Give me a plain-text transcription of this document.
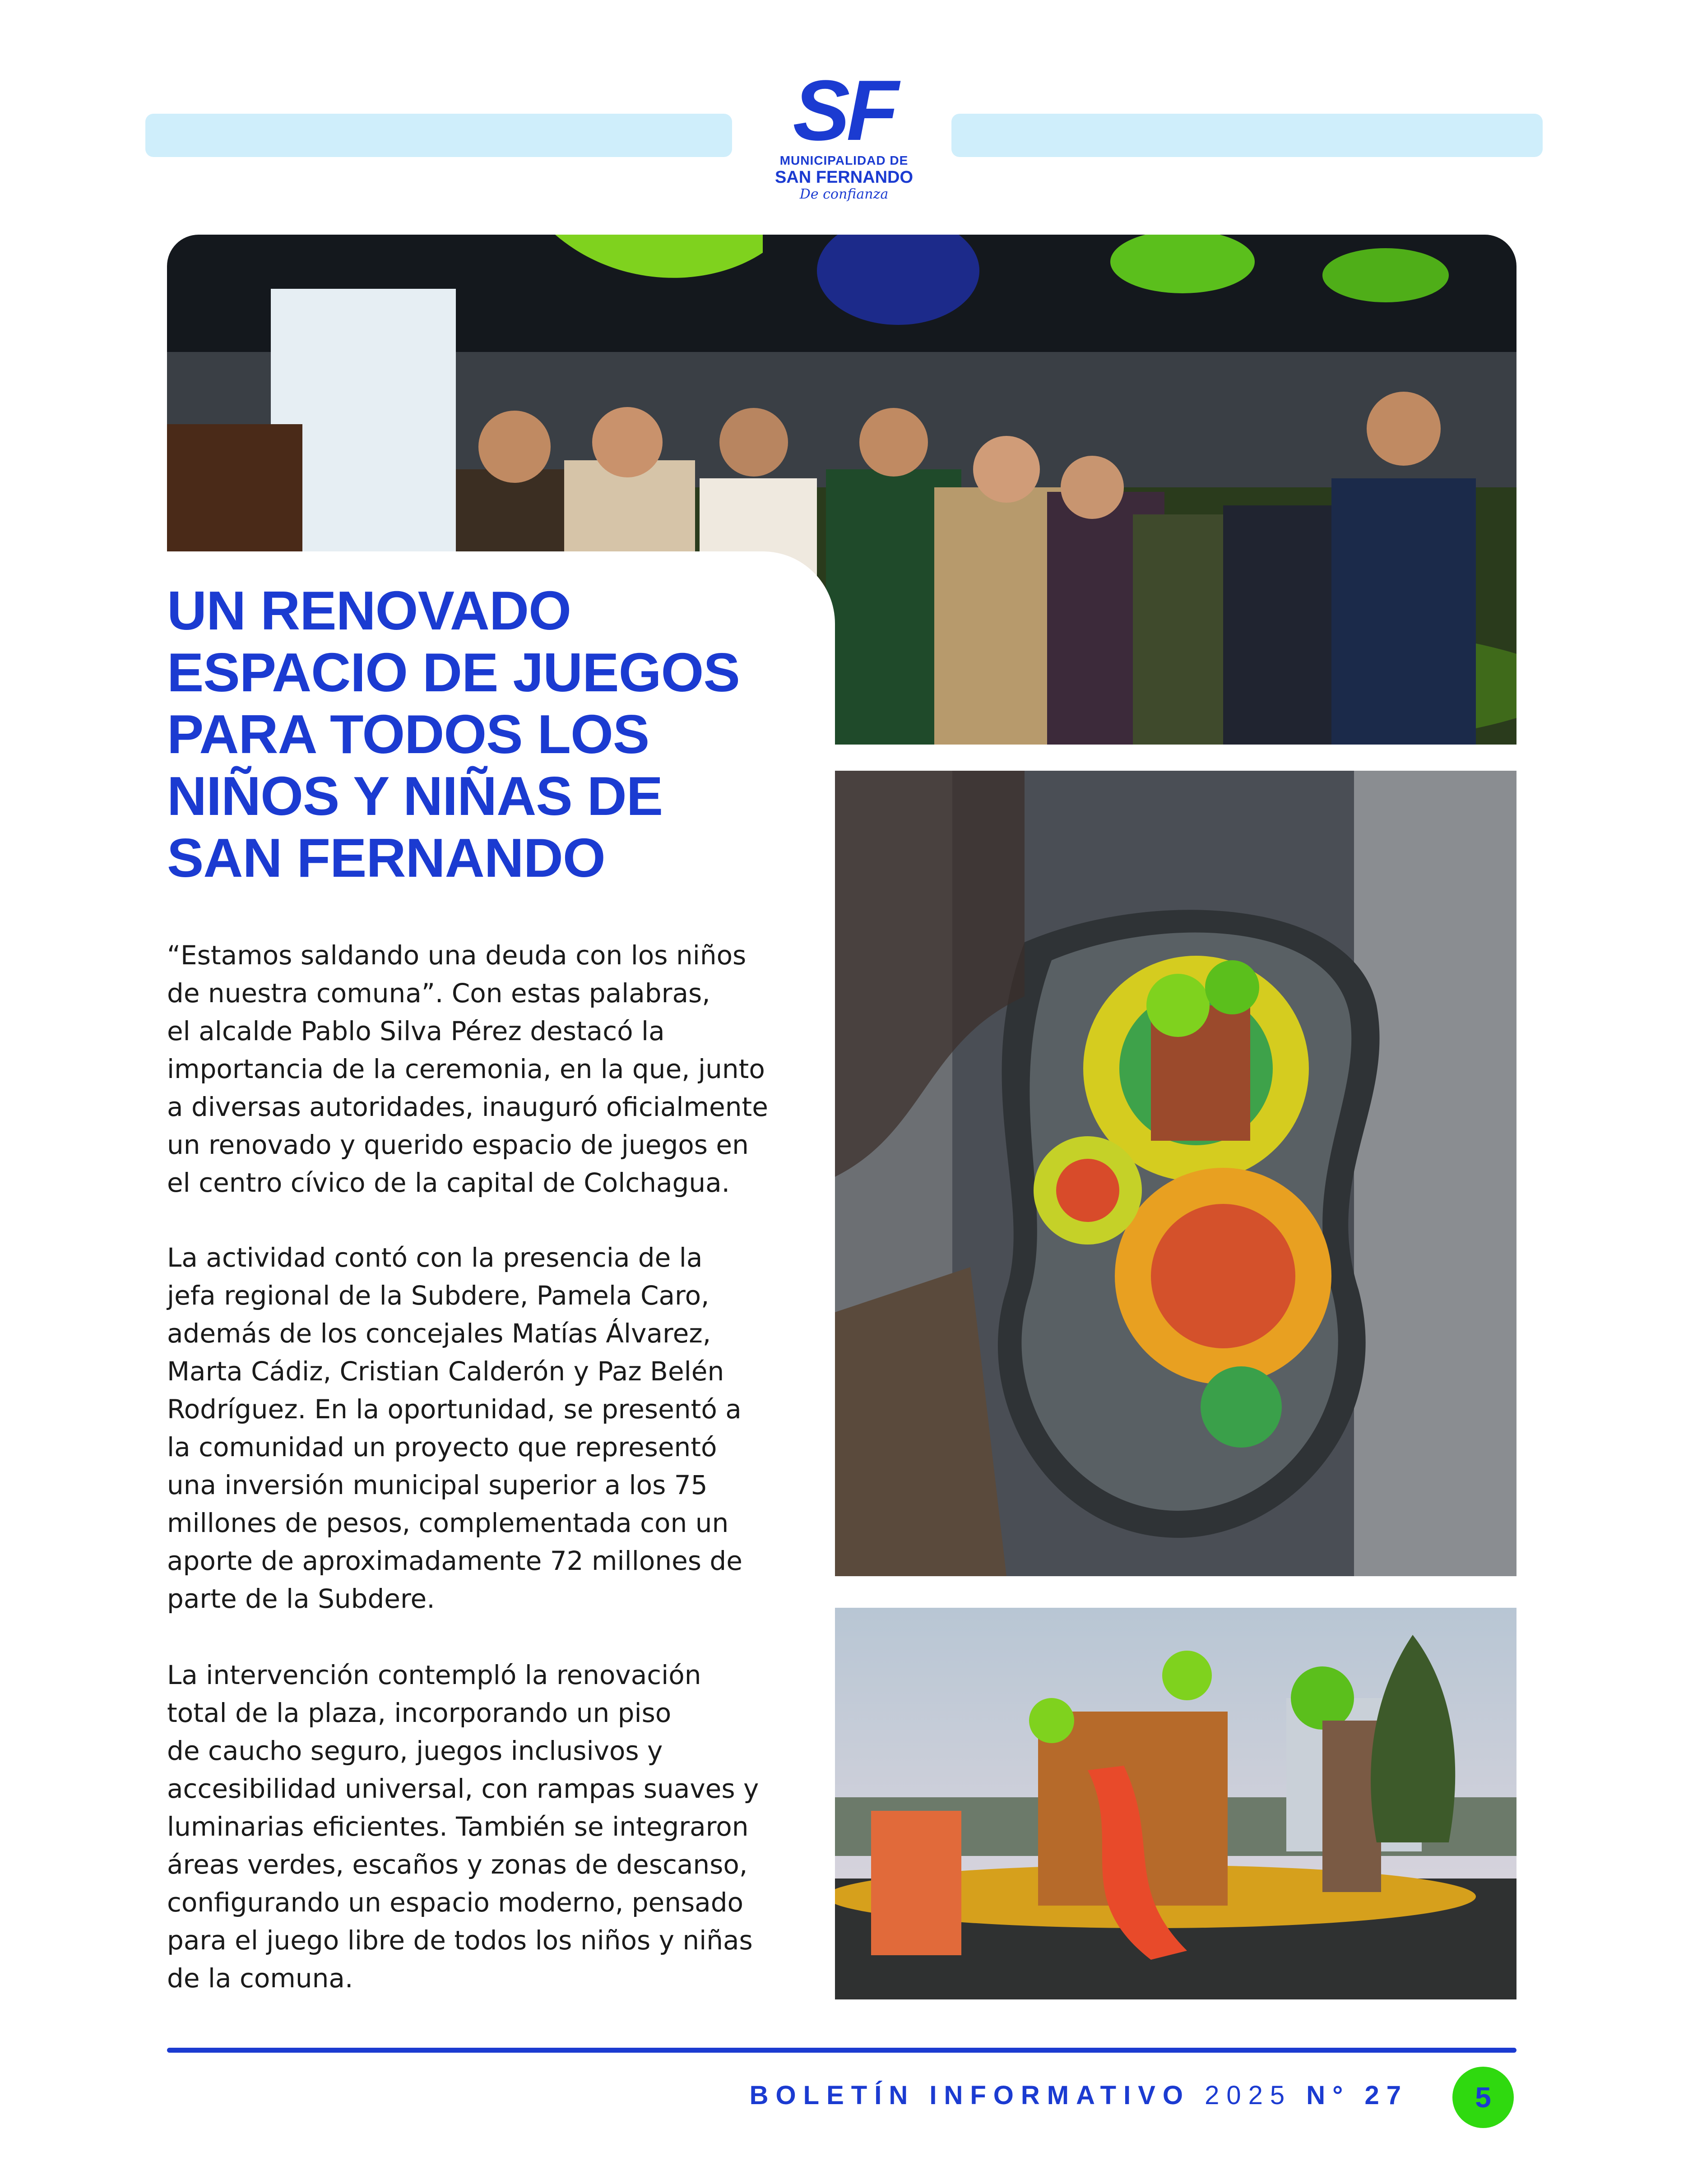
SF
MUNICIPALIDAD DE
SAN FERNANDO
De confianza
UN RENOVADO
ESPACIO DE JUEGOS
PARA TODOS LOS
NIÑOS Y NIÑAS DE
SAN FERNANDO
“Estamos saldando una deuda con los niños
de nuestra comuna”. Con estas palabras,
el alcalde Pablo Silva Pérez destacó la
importancia de la ceremonia, en la que, junto
a diversas autoridades, inauguró oficialmente
un renovado y querido espacio de juegos en
el centro cívico de la capital de Colchagua.
La actividad contó con la presencia de la
jefa regional de la Subdere, Pamela Caro,
además de los concejales Matías Álvarez,
Marta Cádiz, Cristian Calderón y Paz Belén
Rodríguez. En la oportunidad, se presentó a
la comunidad un proyecto que representó
una inversión municipal superior a los 75
millones de pesos, complementada con un
aporte de aproximadamente 72 millones de
parte de la Subdere.
La intervención contempló la renovación
total de la plaza, incorporando un piso
de caucho seguro, juegos inclusivos y
accesibilidad universal, con rampas suaves y
luminarias eficientes. También se integraron
áreas verdes, escaños y zonas de descanso,
configurando un espacio moderno, pensado
para el juego libre de todos los niños y niñas
de la comuna.
BOLETÍN INFORMATIVO 2025 N° 27	5
